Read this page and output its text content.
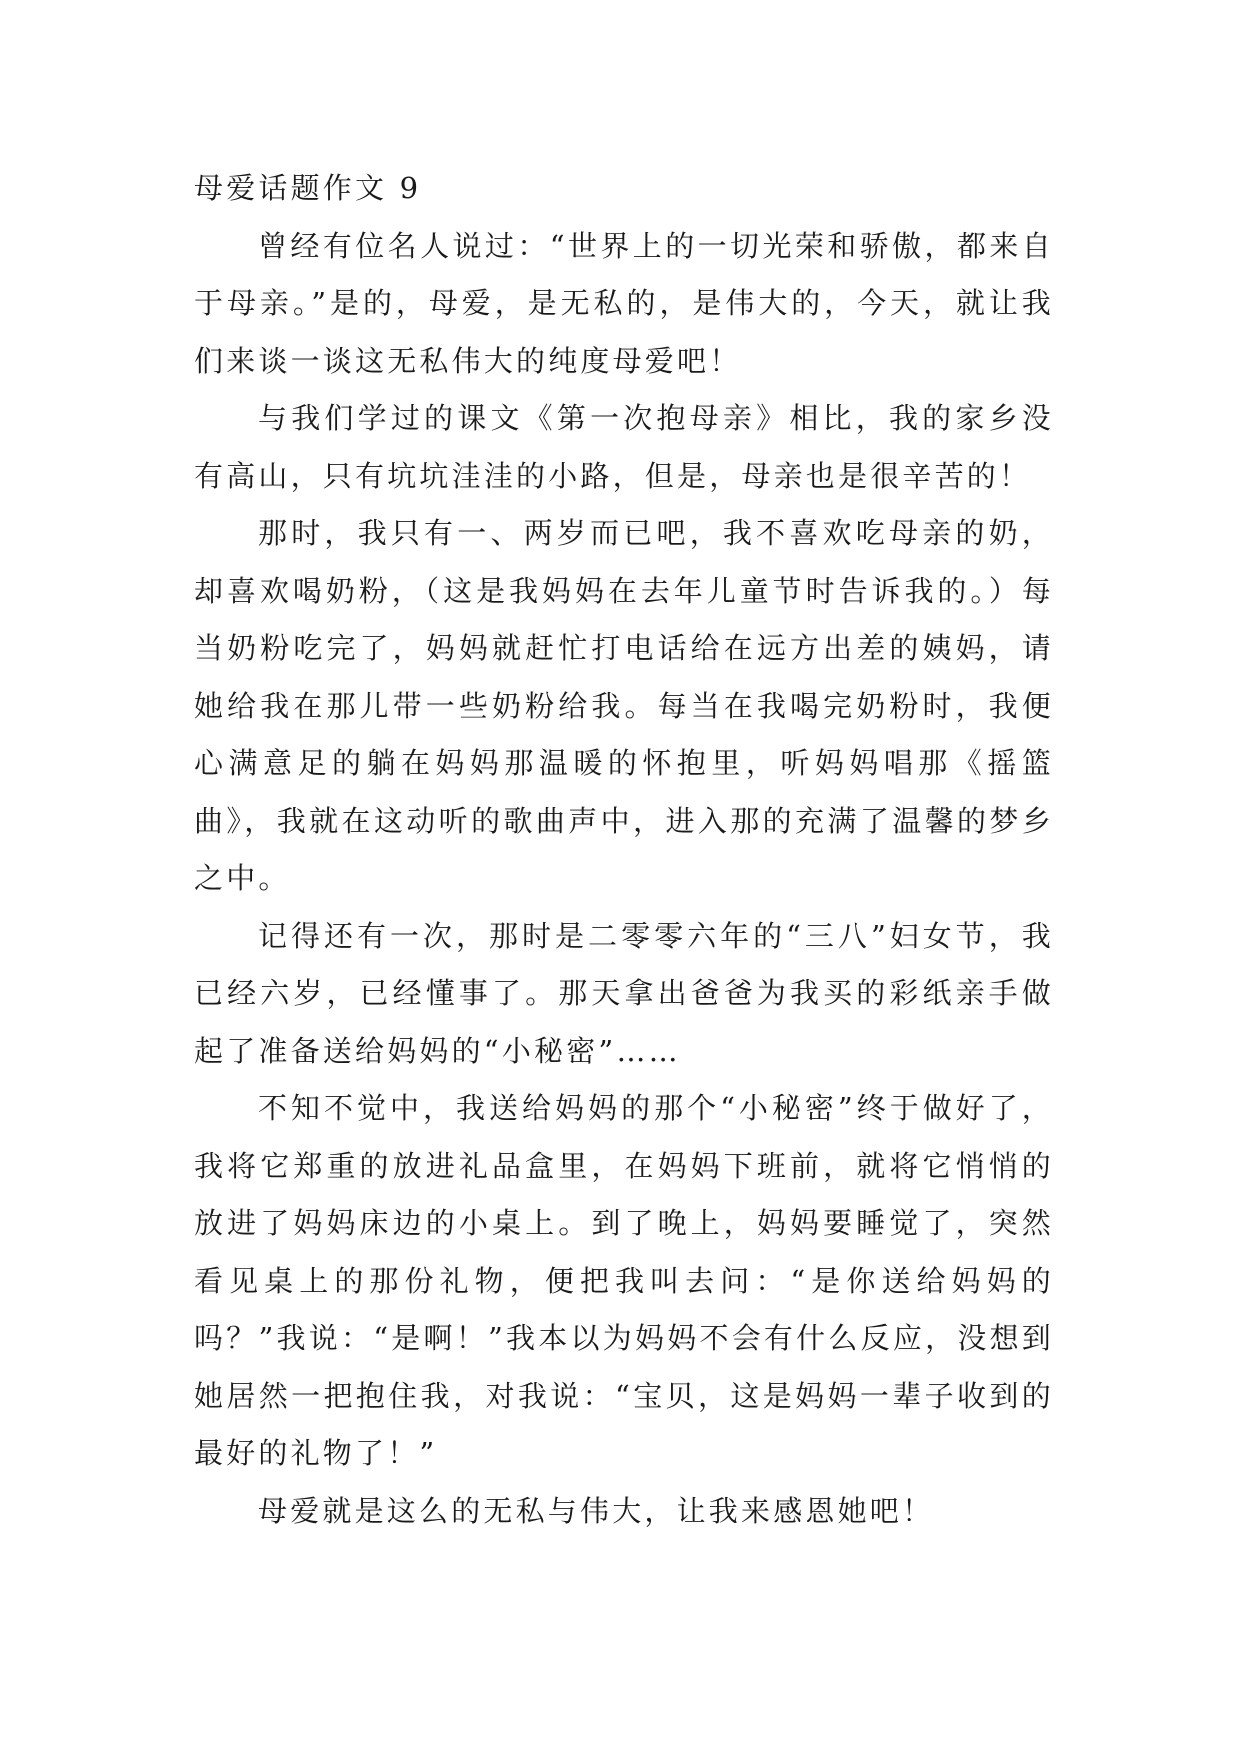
母爱话题作文 9

曾经有位名人说过：“世界上的一切光荣和骄傲，都来自于母亲。”是的，母爱，是无私的，是伟大的，今天，就让我们来谈一谈这无私伟大的纯度母爱吧！

与我们学过的课文《第一次抱母亲》相比，我的家乡没有高山，只有坑坑洼洼的小路，但是，母亲也是很辛苦的！

那时，我只有一、两岁而已吧，我不喜欢吃母亲的奶，却喜欢喝奶粉，（这是我妈妈在去年儿童节时告诉我的。）每当奶粉吃完了，妈妈就赶忙打电话给在远方出差的姨妈，请她给我在那儿带一些奶粉给我。每当在我喝完奶粉时，我便心满意足的躺在妈妈那温暖的怀抱里，听妈妈唱那《摇篮曲》，我就在这动听的歌曲声中，进入那的充满了温馨的梦乡之中。

记得还有一次，那时是二零零六年的“三八”妇女节，我已经六岁，已经懂事了。那天拿出爸爸为我买的彩纸亲手做起了准备送给妈妈的“小秘密”……

不知不觉中，我送给妈妈的那个“小秘密”终于做好了，我将它郑重的放进礼品盒里，在妈妈下班前，就将它悄悄的放进了妈妈床边的小桌上。到了晚上，妈妈要睡觉了，突然看见桌上的那份礼物，便把我叫去问：“是你送给妈妈的吗？”我说：“是啊！”我本以为妈妈不会有什么反应，没想到她居然一把抱住我，对我说：“宝贝，这是妈妈一辈子收到的最好的礼物了！”

母爱就是这么的无私与伟大，让我来感恩她吧！
